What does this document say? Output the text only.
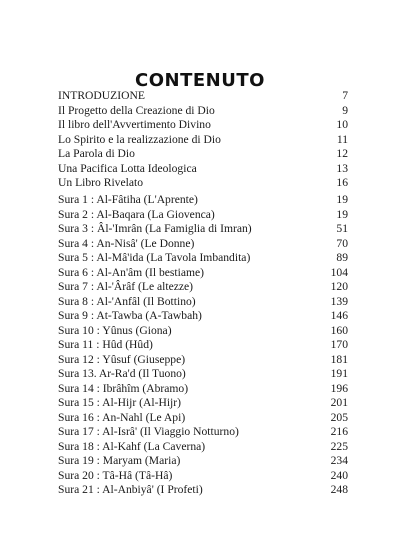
CONTENUTO
INTRODUZIONE	7
Il Progetto della Creazione di Dio	9
Il libro dell'Avvertimento Divino	10
Lo Spirito e la realizzazione di Dio	11
La Parola di Dio	12
Una Pacifica Lotta Ideologica	13
Un Libro Rivelato	16
Sura 1 : Al-Fâtiha (L'Aprente)	19
Sura 2 : Al-Baqara (La Giovenca)	19
Sura 3 : Âl-'Imrân (La Famiglia di Imran)	51
Sura 4 : An-Nisâ' (Le Donne)	70
Sura 5 : Al-Mâ'ida (La Tavola Imbandita)	89
Sura 6 : Al-An'âm (Il bestiame)	104
Sura 7 : Al-'Ârâf (Le altezze)	120
Sura 8 : Al-'Anfâl (Il Bottino)	139
Sura 9 : At-Tawba (A-Tawbah)	146
Sura 10 : Yûnus (Giona)	160
Sura 11 : Hûd (Hûd)	170
Sura 12 : Yûsuf (Giuseppe)	181
Sura 13. Ar-Ra'd (Il Tuono)	191
Sura 14 : Ibrâhîm (Abramo)	196
Sura 15 : Al-Hijr (Al-Hijr)	201
Sura 16 : An-Nahl (Le Api)	205
Sura 17 : Al-Isrâ' (Il Viaggio Notturno)	216
Sura 18 : Al-Kahf (La Caverna)	225
Sura 19 : Maryam (Maria)	234
Sura 20 : Tâ-Hâ (Tâ-Hâ)	240
Sura 21 : Al-Anbiyâ' (I Profeti)	248
